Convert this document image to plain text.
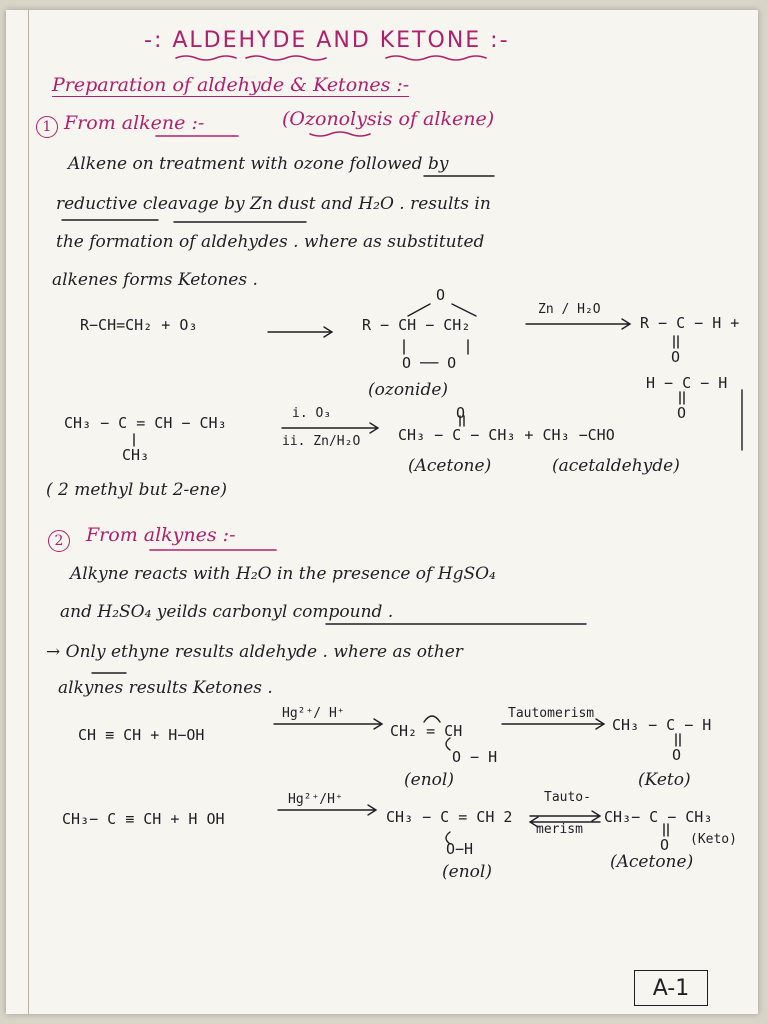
-: ALDEHYDE AND KETONE :-
Preparation of aldehyde & Ketones :-
1 From alkene :-	(Ozonolysis of alkene)
Alkene on treatment with ozone followed by
reductive cleavage by Zn dust and H₂O . results in
the formation of aldehydes . where as substituted
alkenes forms Ketones .
R−CH=CH₂ + O₃
O
R − CH − CH₂
O ── O
(ozonide)
Zn / H₂O
R − C − H +
O
H − C − H
O
CH₃ − C = CH − CH₃
CH₃
i. O₃
ii. Zn/H₂O
O
CH₃ − C − CH₃ + CH₃ −CHO
(Acetone)	(acetaldehyde)
( 2 methyl but 2-ene)
2	From alkynes :-
Alkyne reacts with H₂O in the presence of HgSO₄
and H₂SO₄ yeilds carbonyl compound .
→ Only ethyne results aldehyde . where as other
alkynes results Ketones .
CH ≡ CH + H−OH
Hg²⁺/ H⁺
CH₂ = CH
O − H
(enol)
Tautomerism
CH₃ − C − H
O
(Keto)
CH₃− C ≡ CH + H OH
Hg²⁺/H⁺
CH₃ − C = CH 2
O−H
(enol)
Tauto-
merism
CH₃− C − CH₃
O (Keto)
(Acetone)
A-1
